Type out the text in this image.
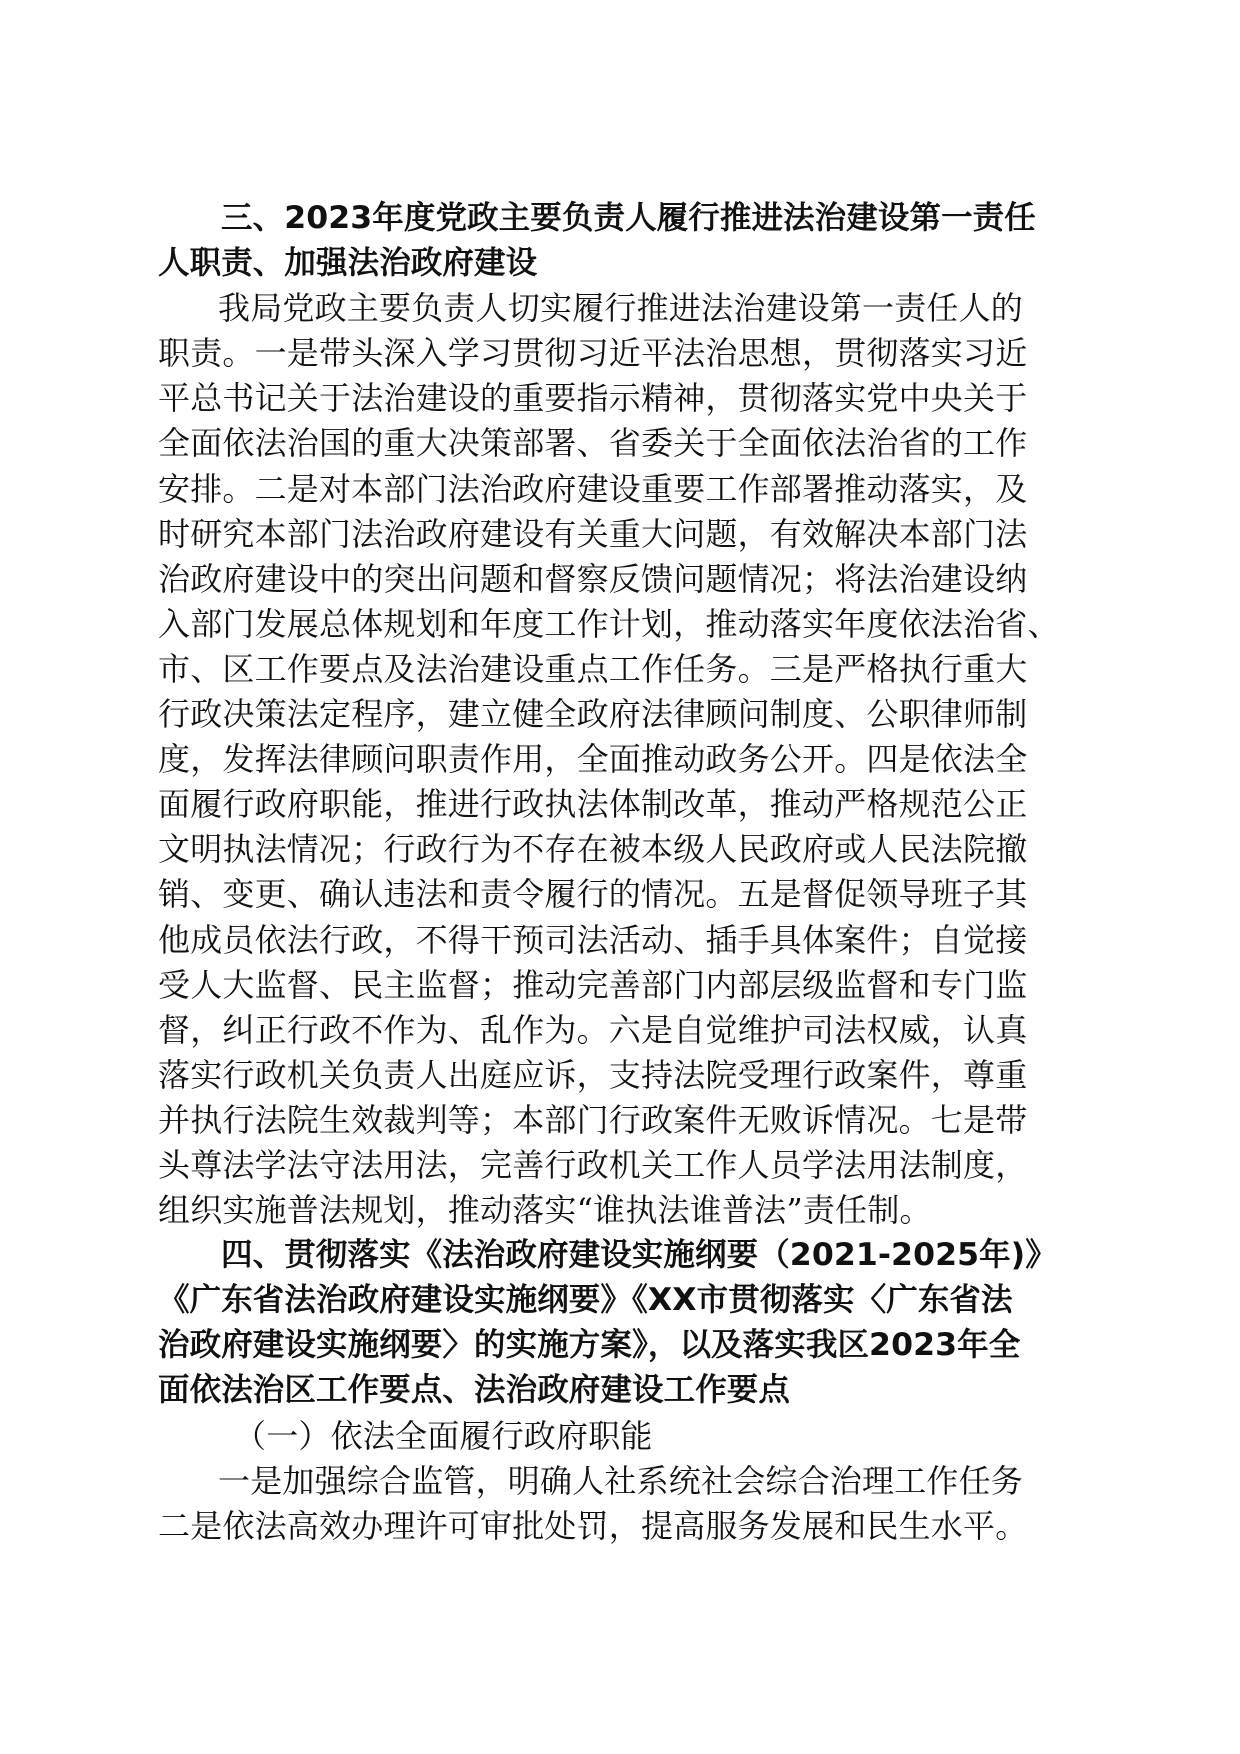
三、2023年度党政主要负责人履行推进法治建设第一责任
人职责、加强法治政府建设
我局党政主要负责人切实履行推进法治建设第一责任人的
职责。一是带头深入学习贯彻习近平法治思想，贯彻落实习近
平总书记关于法治建设的重要指示精神，贯彻落实党中央关于
全面依法治国的重大决策部署、省委关于全面依法治省的工作
安排。二是对本部门法治政府建设重要工作部署推动落实，及
时研究本部门法治政府建设有关重大问题，有效解决本部门法
治政府建设中的突出问题和督察反馈问题情况；将法治建设纳
入部门发展总体规划和年度工作计划，推动落实年度依法治省、
市、区工作要点及法治建设重点工作任务。三是严格执行重大
行政决策法定程序，建立健全政府法律顾问制度、公职律师制
度，发挥法律顾问职责作用，全面推动政务公开。四是依法全
面履行政府职能，推进行政执法体制改革，推动严格规范公正
文明执法情况；行政行为不存在被本级人民政府或人民法院撤
销、变更、确认违法和责令履行的情况。五是督促领导班子其
他成员依法行政，不得干预司法活动、插手具体案件；自觉接
受人大监督、民主监督；推动完善部门内部层级监督和专门监
督，纠正行政不作为、乱作为。六是自觉维护司法权威，认真
落实行政机关负责人出庭应诉，支持法院受理行政案件，尊重
并执行法院生效裁判等；本部门行政案件无败诉情况。七是带
头尊法学法守法用法，完善行政机关工作人员学法用法制度，
组织实施普法规划，推动落实“谁执法谁普法”责任制。
四、贯彻落实《法治政府建设实施纲要（2021-2025年)》
《广东省法治政府建设实施纲要》《XX市贯彻落实〈广东省法
治政府建设实施纲要〉的实施方案》，以及落实我区2023年全
面依法治区工作要点、法治政府建设工作要点
（一）依法全面履行政府职能
一是加强综合监管，明确人社系统社会综合治理工作任务
二是依法高效办理许可审批处罚，提高服务发展和民生水平。
